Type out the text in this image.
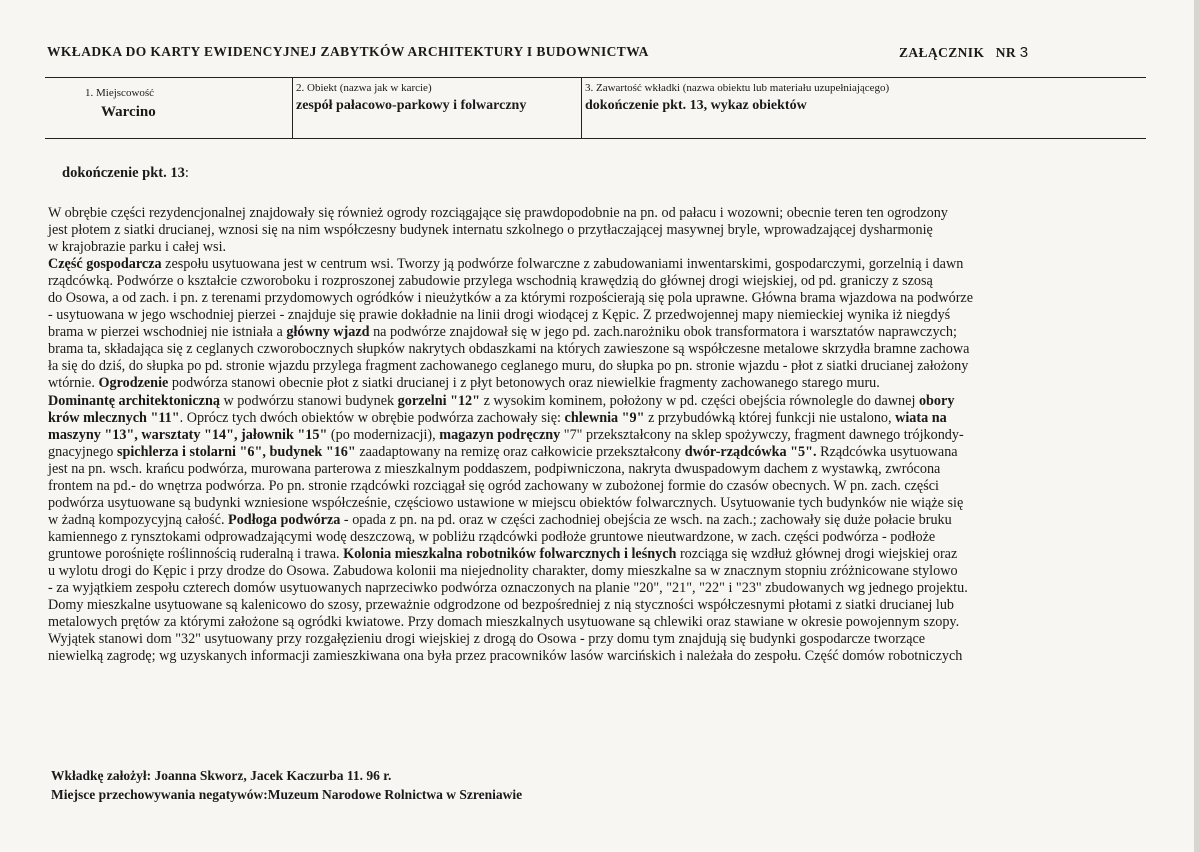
WKŁADKA DO KARTY EWIDENCYJNEJ ZABYTKÓW ARCHITEKTURY I BUDOWNICTWA	ZAŁĄCZNIK NR 3
1. Miejscowość
Warcino
2. Obiekt (nazwa jak w karcie)
zespół pałacowo-parkowy i folwarczny
3. Zawartość wkładki (nazwa obiektu lub materiału uzupełniającego)
dokończenie pkt. 13, wykaz obiektów
dokończenie pkt. 13:
W obrębie części rezydencjonalnej znajdowały się również ogrody rozciągające się prawdopodobnie na pn. od pałacu i wozowni; obecnie teren ten ogrodzony
jest płotem z siatki drucianej, wznosi się na nim współczesny budynek internatu szkolnego o przytłaczającej masywnej bryle, wprowadzającej dysharmonię
w krajobrazie parku i całej wsi.
Część gospodarcza zespołu usytuowana jest w centrum wsi. Tworzy ją podwórze folwarczne z zabudowaniami inwentarskimi, gospodarczymi, gorzelnią i dawn
rządcówką. Podwórze o kształcie czworoboku i rozproszonej zabudowie przylega wschodnią krawędzią do głównej drogi wiejskiej, od pd. graniczy z szosą
do Osowa, a od zach. i pn. z terenami przydomowych ogródków i nieużytków a za którymi rozpościerają się pola uprawne. Główna brama wjazdowa na podwórze
- usytuowana w jego wschodniej pierzei - znajduje się prawie dokładnie na linii drogi wiodącej z Kępic. Z przedwojennej mapy niemieckiej wynika iż niegdyś
brama w pierzei wschodniej nie istniała a główny wjazd na podwórze znajdował się w jego pd. zach.narożniku obok transformatora i warsztatów naprawczych;
brama ta, składająca się z ceglanych czworobocznych słupków nakrytych obdaszkami na których zawieszone są współczesne metalowe skrzydła bramne zachowa
ła się do dziś, do słupka po pd. stronie wjazdu przylega fragment zachowanego ceglanego muru, do słupka po pn. stronie wjazdu - płot z siatki drucianej założony
wtórnie. Ogrodzenie podwórza stanowi obecnie płot z siatki drucianej i z płyt betonowych oraz niewielkie fragmenty zachowanego starego muru.
Dominantę architektoniczną w podwórzu stanowi budynek gorzelni "12" z wysokim kominem, położony w pd. części obejścia równolegle do dawnej obory
krów mlecznych "11". Oprócz tych dwóch obiektów w obrębie podwórza zachowały się: chlewnia "9" z przybudówką której funkcji nie ustalono, wiata na
maszyny "13", warsztaty "14", jałownik "15" (po modernizacji), magazyn podręczny "7" przekształcony na sklep spożywczy, fragment dawnego trójkondy-
gnacyjnego spichlerza i stolarni "6", budynek "16" zaadaptowany na remizę oraz całkowicie przekształcony dwór-rządcówka "5". Rządcówka usytuowana
jest na pn. wsch. krańcu podwórza, murowana parterowa z mieszkalnym poddaszem, podpiwniczona, nakryta dwuspadowym dachem z wystawką, zwrócona
frontem na pd.- do wnętrza podwórza. Po pn. stronie rządcówki rozciągał się ogród zachowany w zubożonej formie do czasów obecnych. W pn. zach. części
podwórza usytuowane są budynki wzniesione współcześnie, częściowo ustawione w miejscu obiektów folwarcznych. Usytuowanie tych budynków nie wiąże się
w żadną kompozycyjną całość. Podłoga podwórza - opada z pn. na pd. oraz w części zachodniej obejścia ze wsch. na zach.; zachowały się duże połacie bruku
kamiennego z rynsztokami odprowadzającymi wodę deszczową, w pobliżu rządcówki podłoże gruntowe nieutwardzone, w zach. części podwórza - podłoże
gruntowe porośnięte roślinnością ruderalną i trawa. Kolonia mieszkalna robotników folwarcznych i leśnych rozciąga się wzdłuż głównej drogi wiejskiej oraz
u wylotu drogi do Kępic i przy drodze do Osowa. Zabudowa kolonii ma niejednolity charakter, domy mieszkalne sa w znacznym stopniu zróżnicowane stylowo
- za wyjątkiem zespołu czterech domów usytuowanych naprzeciwko podwórza oznaczonych na planie "20", "21", "22" i "23" zbudowanych wg jednego projektu.
Domy mieszkalne usytuowane są kalenicowo do szosy, przeważnie odgrodzone od bezpośredniej z nią styczności współczesnymi płotami z siatki drucianej lub
metalowych prętów za którymi założone są ogródki kwiatowe. Przy domach mieszkalnych usytuowane są chlewiki oraz stawiane w okresie powojennym szopy.
Wyjątek stanowi dom "32" usytuowany przy rozgałęzieniu drogi wiejskiej z drogą do Osowa - przy domu tym znajdują się budynki gospodarcze tworzące
niewielką zagrodę; wg uzyskanych informacji zamieszkiwana ona była przez pracowników lasów warcińskich i należała do zespołu. Część domów robotniczych
Wkładkę założył: Joanna Skworz, Jacek Kaczurba 11. 96 r.
Miejsce przechowywania negatywów:Muzeum Narodowe Rolnictwa w Szreniawie
